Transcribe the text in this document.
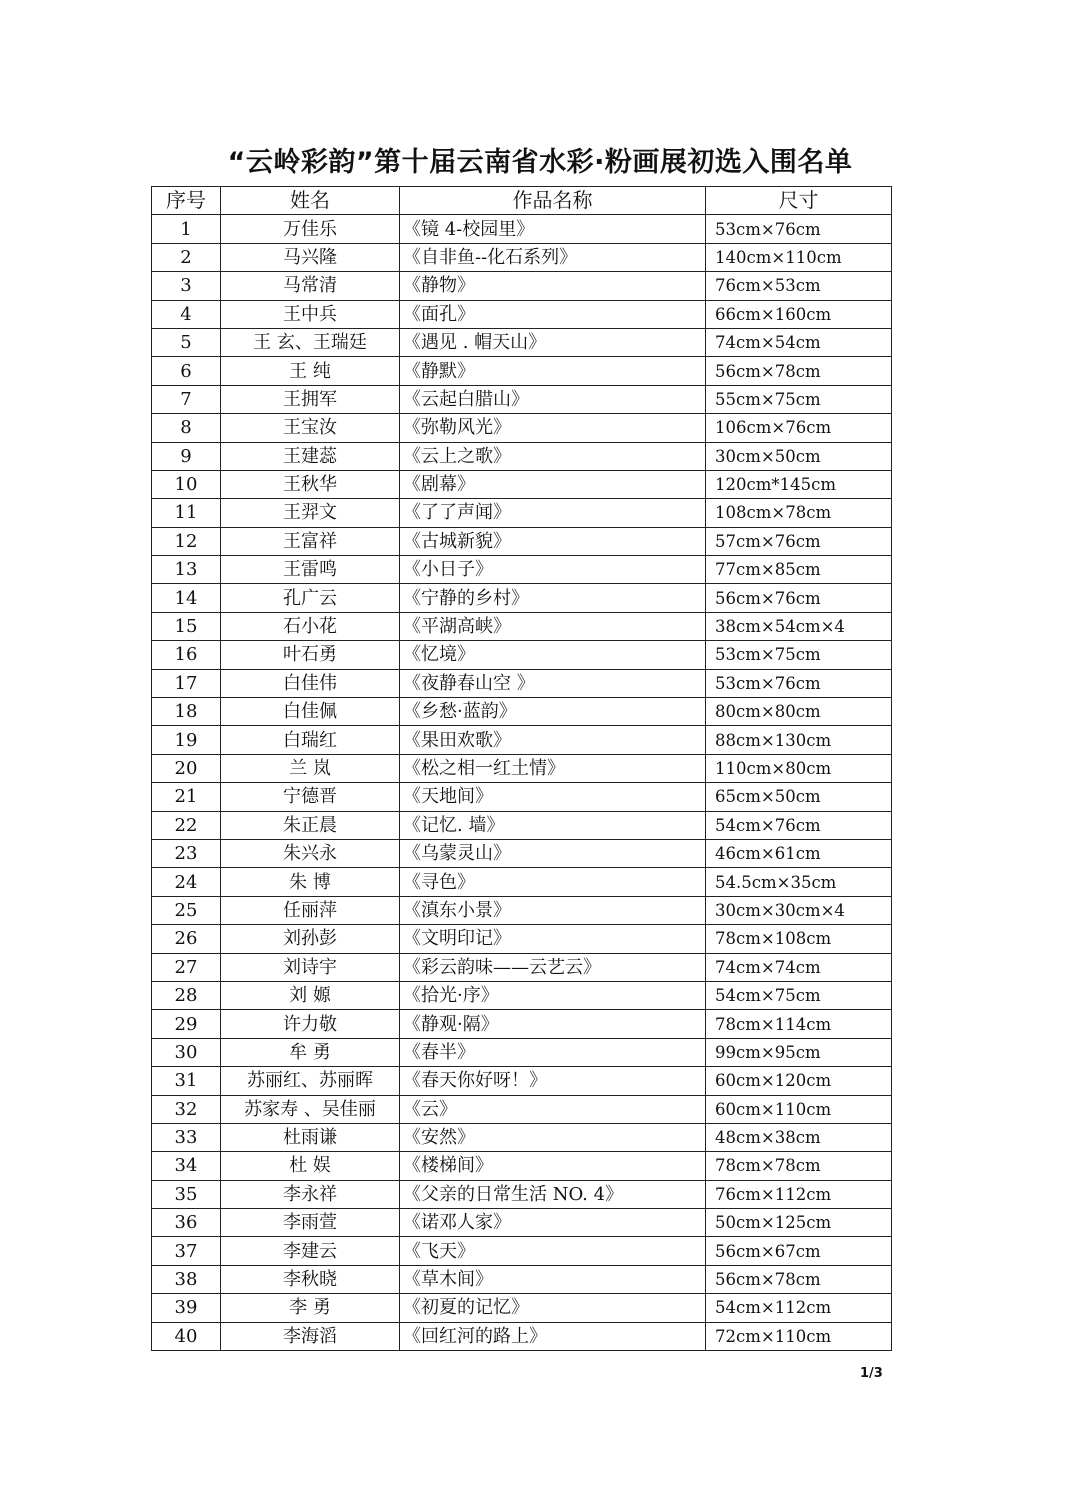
“云岭彩韵”第十届云南省水彩·粉画展初选入围名单
序号	姓名	作品名称	尺寸
1	万佳乐	《镜 4-校园里》	53cm×76cm
2	马兴隆	《自非鱼--化石系列》	140cm×110cm
3	马常清	《静物》	76cm×53cm
4	王中兵	《面孔》	66cm×160cm
5	王 玄、王瑞廷	《遇见 . 帽天山》	74cm×54cm
6	王 纯	《静默》	56cm×78cm
7	王拥军	《云起白腊山》	55cm×75cm
8	王宝汝	《弥勒风光》	106cm×76cm
9	王建蕊	《云上之歌》	30cm×50cm
10	王秋华	《剧幕》	120cm*145cm
11	王羿文	《了了声闻》	108cm×78cm
12	王富祥	《古城新貌》	57cm×76cm
13	王雷鸣	《小日子》	77cm×85cm
14	孔广云	《宁静的乡村》	56cm×76cm
15	石小花	《平湖高峡》	38cm×54cm×4
16	叶石勇	《忆境》	53cm×75cm
17	白佳伟	《夜静春山空 》	53cm×76cm
18	白佳佩	《乡愁·蓝韵》	80cm×80cm
19	白瑞红	《果田欢歌》	88cm×130cm
20	兰 岚	《松之相一红土情》	110cm×80cm
21	宁德晋	《天地间》	65cm×50cm
22	朱正晨	《记忆. 墙》	54cm×76cm
23	朱兴永	《乌蒙灵山》	46cm×61cm
24	朱 博	《寻色》	54.5cm×35cm
25	任丽萍	《滇东小景》	30cm×30cm×4
26	刘孙彭	《文明印记》	78cm×108cm
27	刘诗宇	《彩云韵味——云艺云》	74cm×74cm
28	刘 嫄	《拾光·序》	54cm×75cm
29	许力敬	《静观·隔》	78cm×114cm
30	牟 勇	《春半》	99cm×95cm
31	苏丽红、苏丽晖	《春天你好呀！》	60cm×120cm
32	苏家寿 、吴佳丽	《云》	60cm×110cm
33	杜雨谦	《安然》	48cm×38cm
34	杜 娱	《楼梯间》	78cm×78cm
35	李永祥	《父亲的日常生活 NO. 4》	76cm×112cm
36	李雨萱	《诺邓人家》	50cm×125cm
37	李建云	《飞天》	56cm×67cm
38	李秋晓	《草木间》	56cm×78cm
39	李 勇	《初夏的记忆》	54cm×112cm
40	李海滔	《回红河的路上》	72cm×110cm
1/3
